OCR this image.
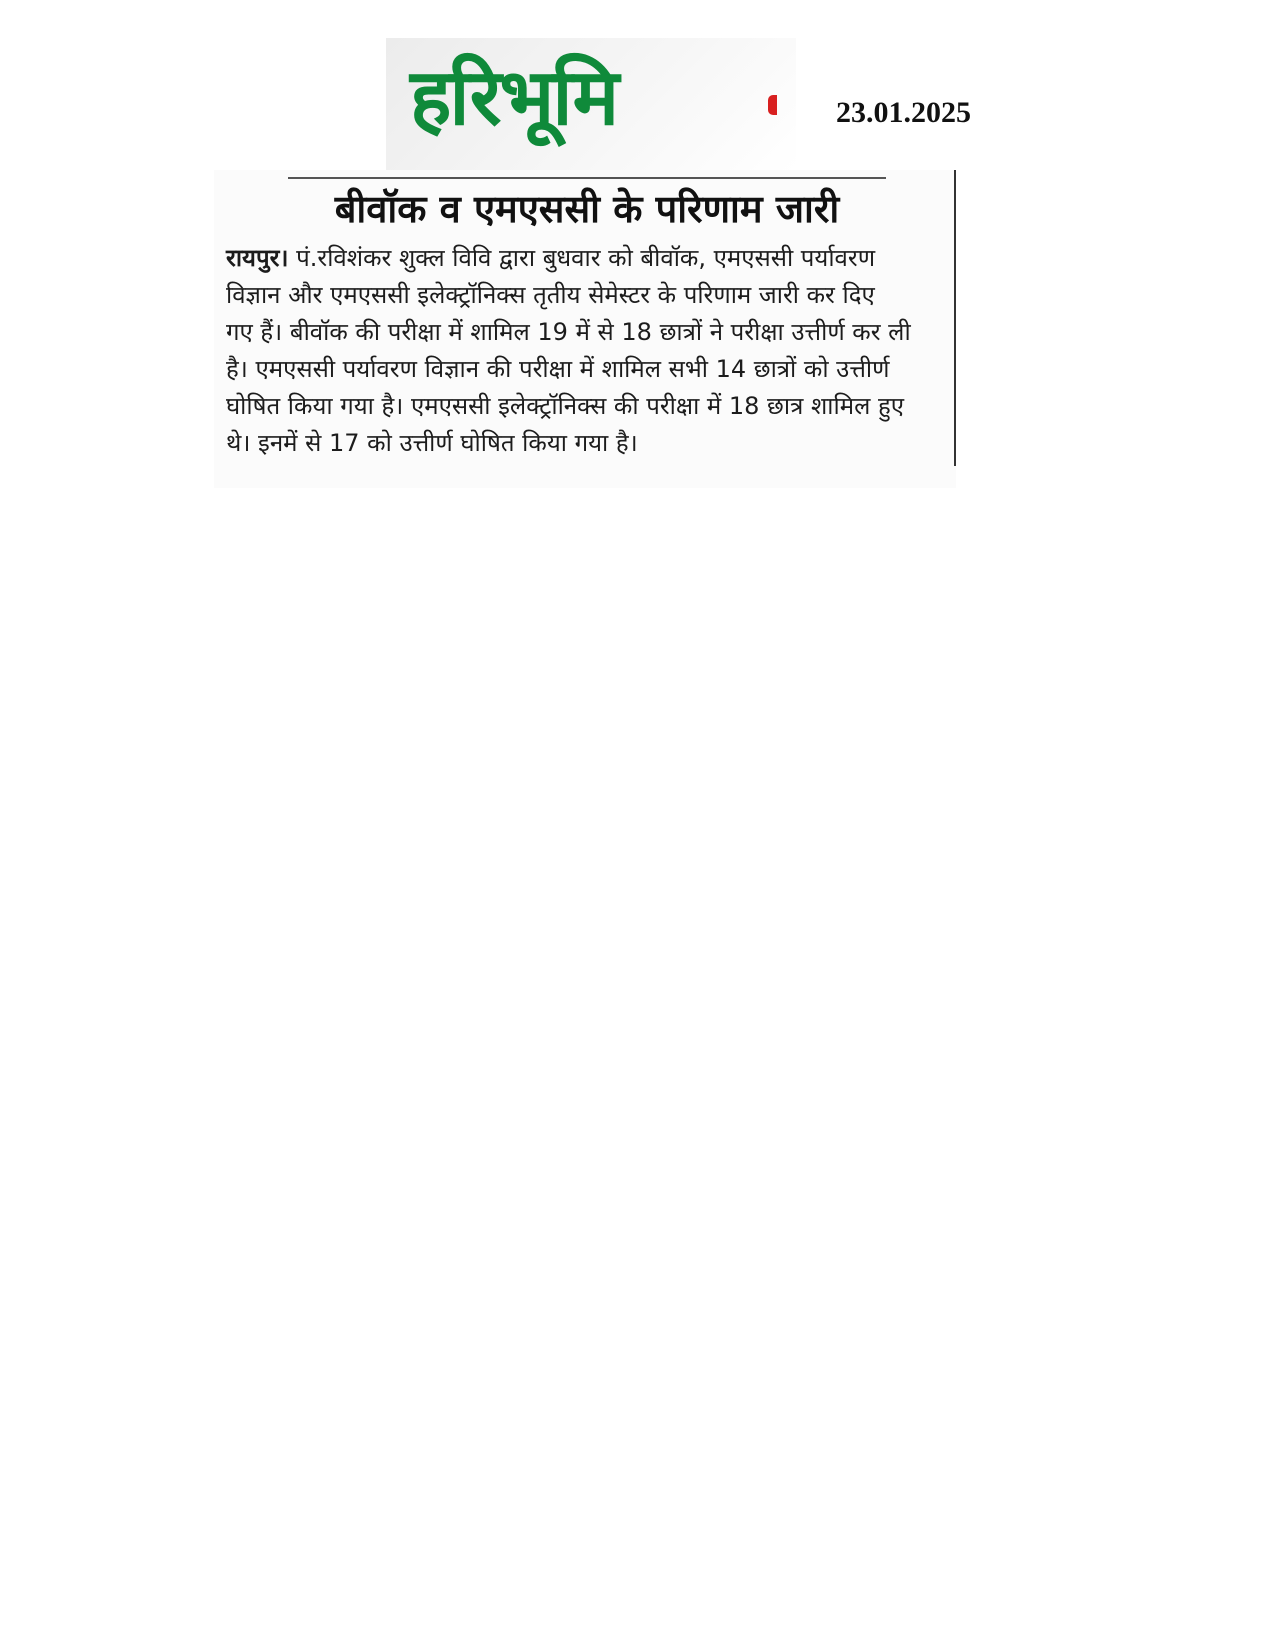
हरिभूमि	23.01.2025
बीवॉक व एमएससी के परिणाम जारी
रायपुर। पं.रविशंकर शुक्ल विवि द्वारा बुधवार को बीवॉक, एमएससी पर्यावरण
विज्ञान और एमएससी इलेक्ट्रॉनिक्स तृतीय सेमेस्टर के परिणाम जारी कर दिए
गए हैं। बीवॉक की परीक्षा में शामिल 19 में से 18 छात्रों ने परीक्षा उत्तीर्ण कर ली
है। एमएससी पर्यावरण विज्ञान की परीक्षा में शामिल सभी 14 छात्रों को उत्तीर्ण
घोषित किया गया है। एमएससी इलेक्ट्रॉनिक्स की परीक्षा में 18 छात्र शामिल हुए
थे। इनमें से 17 को उत्तीर्ण घोषित किया गया है।
